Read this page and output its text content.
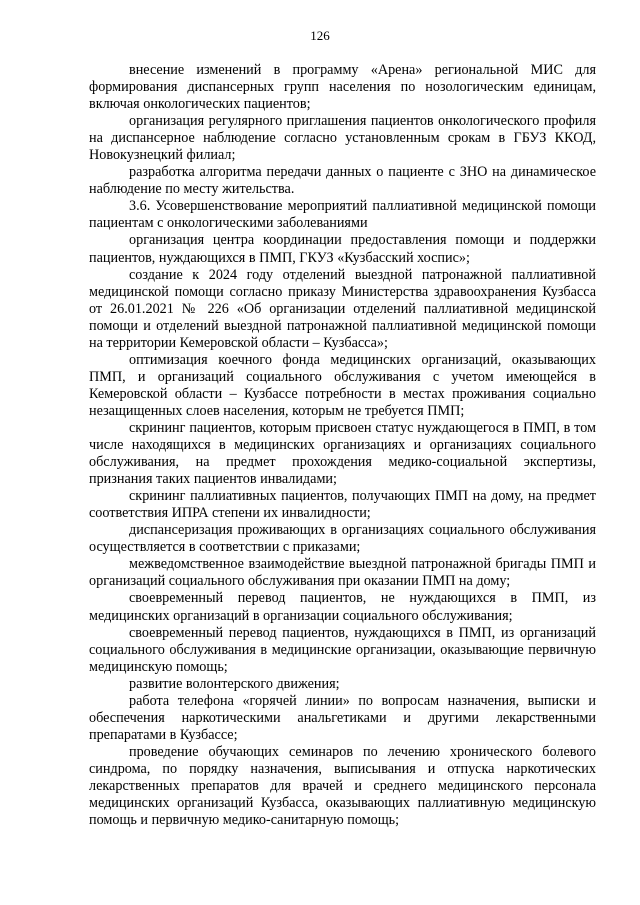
126

внесение изменений в программу «Арена» региональной МИС для формирования диспансерных групп населения по нозологическим единицам, включая онкологических пациентов;

организация регулярного приглашения пациентов онкологического профиля на диспансерное наблюдение согласно установленным срокам в ГБУЗ ККОД, Новокузнецкий филиал;

разработка алгоритма передачи данных о пациенте с ЗНО на динамическое наблюдение по месту жительства.

3.6. Усовершенствование мероприятий паллиативной медицинской помощи пациентам с онкологическими заболеваниями

организация центра координации предоставления помощи и поддержки пациентов, нуждающихся в ПМП, ГКУЗ «Кузбасский хоспис»;

создание к 2024 году отделений выездной патронажной паллиативной медицинской помощи согласно приказу Министерства здравоохранения Кузбасса от 26.01.2021 № 226 «Об организации отделений паллиативной медицинской помощи и отделений выездной патронажной паллиативной медицинской помощи на территории Кемеровской области – Кузбасса»;

оптимизация коечного фонда медицинских организаций, оказывающих ПМП, и организаций социального обслуживания с учетом имеющейся в Кемеровской области – Кузбассе потребности в местах проживания социально незащищенных слоев населения, которым не требуется ПМП;

скрининг пациентов, которым присвоен статус нуждающегося в ПМП, в том числе находящихся в медицинских организациях и организациях социального обслуживания, на предмет прохождения медико-социальной экспертизы, признания таких пациентов инвалидами;

скрининг паллиативных пациентов, получающих ПМП на дому, на предмет соответствия ИПРА степени их инвалидности;

диспансеризация проживающих в организациях социального обслуживания осуществляется в соответствии с приказами;

межведомственное взаимодействие выездной патронажной бригады ПМП и организаций социального обслуживания при оказании ПМП на дому;

своевременный перевод пациентов, не нуждающихся в ПМП, из медицинских организаций в организации социального обслуживания;

своевременный перевод пациентов, нуждающихся в ПМП, из организаций социального обслуживания в медицинские организации, оказывающие первичную медицинскую помощь;

развитие волонтерского движения;

работа телефона «горячей линии» по вопросам назначения, выписки и обеспечения наркотическими анальгетиками и другими лекарственными препаратами в Кузбассе;

проведение обучающих семинаров по лечению хронического болевого синдрома, по порядку назначения, выписывания и отпуска наркотических лекарственных препаратов для врачей и среднего медицинского персонала медицинских организаций Кузбасса, оказывающих паллиативную медицинскую помощь и первичную медико-санитарную помощь;
